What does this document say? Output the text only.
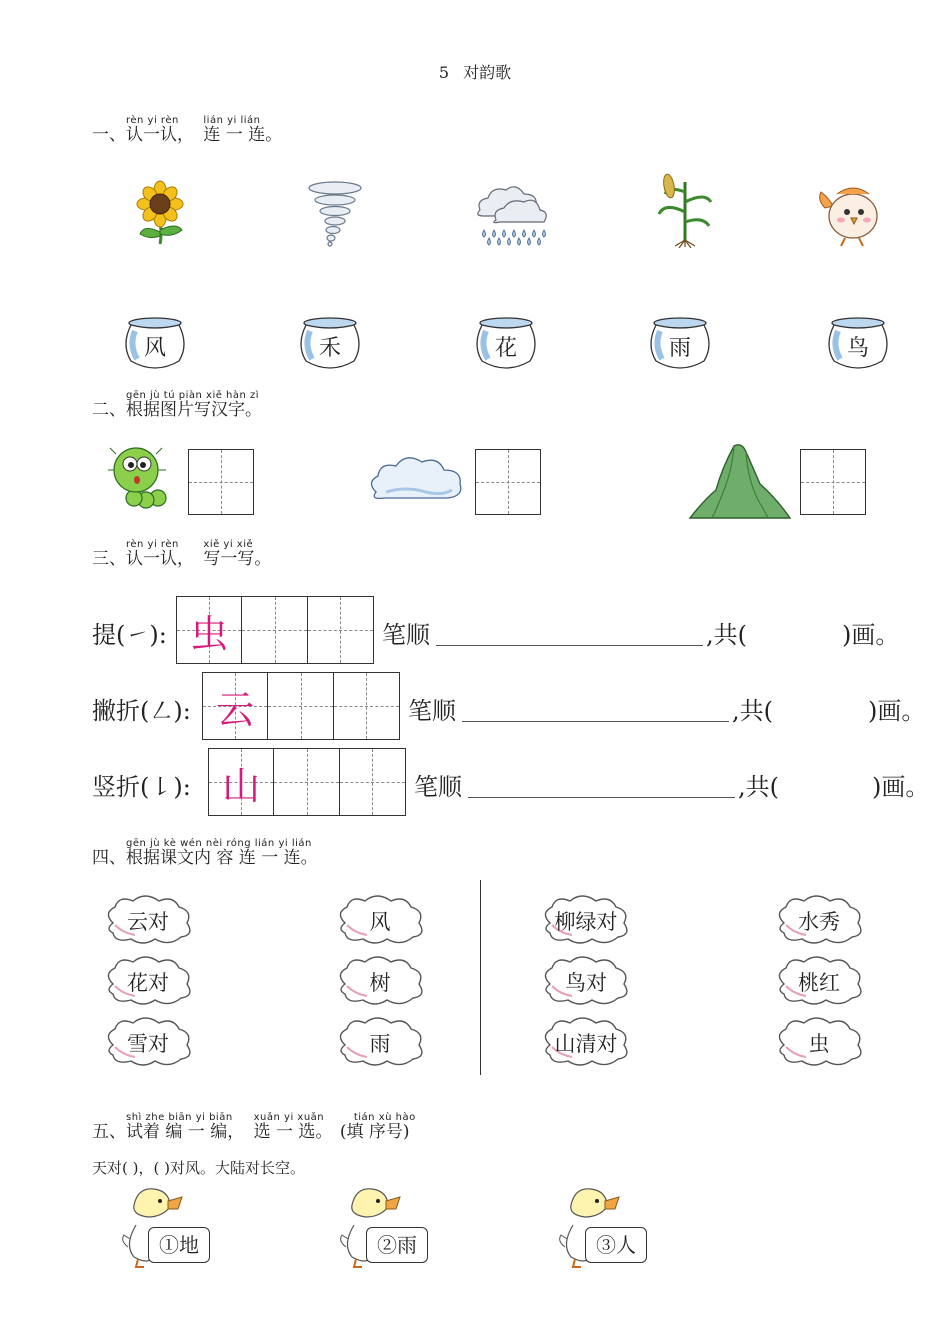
5 对韵歌
一、
rèn yi rèn
认一认，
lián yi lián
连 一 连。
风	禾	花	雨	鸟
二、
gēn jù tú piàn xiě hàn zì
根据图片写汉字。
三、
rèn yi rèn
认一认，
xiě yi xiě
写一写。
提(㇀): 虫	笔顺	,共(	)画。
撇折(㇜): 云	笔顺	,共(	)画。
竖折(㇙): 山	笔顺	,共(	)画。
四、
gēn jù kè wén nèi róng lián yi lián
根据课文内 容 连 一 连。
云对
花对
雪对
风
树
雨
柳绿对
鸟对
山清对
水秀
桃红
虫
五、
shì zhe biān yi biān
试着 编 一 编，
xuǎn yi xuǎn
选 一 选。
tián xù hào
(填 序号)
天对( )，( )对风。大陆对长空。
①地	②雨	③人
